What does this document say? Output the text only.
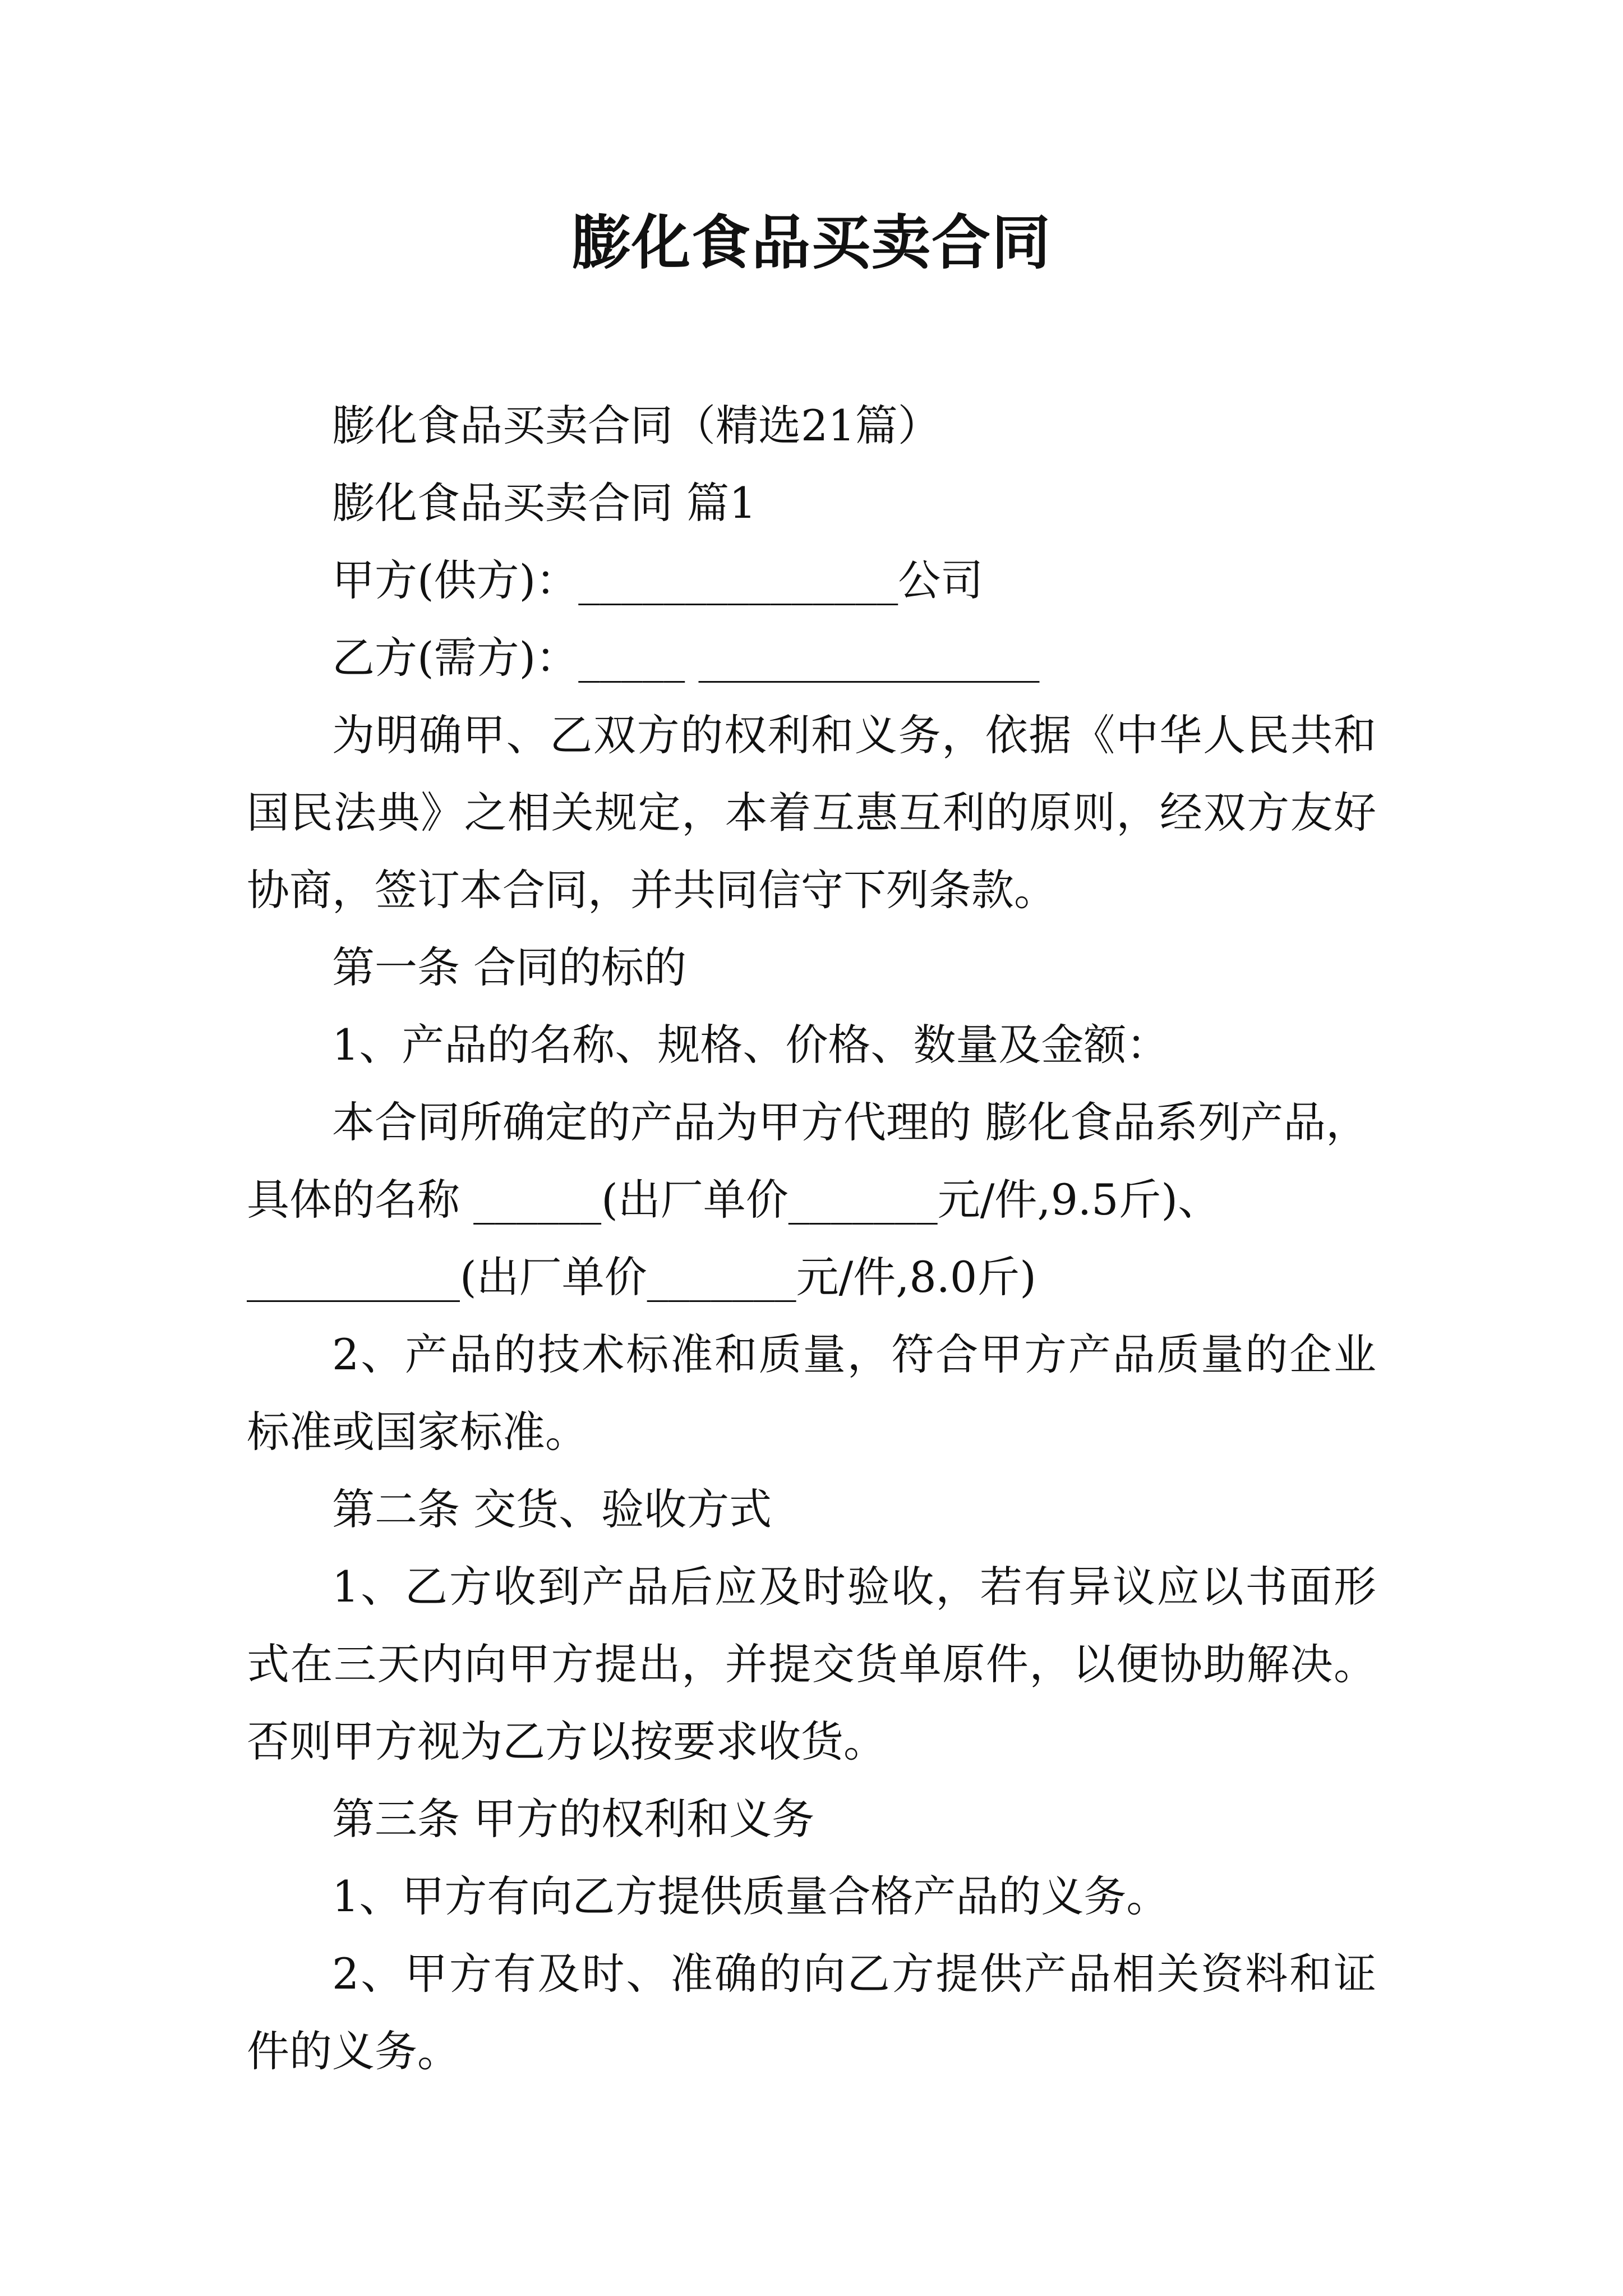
膨化食品买卖合同

膨化食品买卖合同（精选21篇）

膨化食品买卖合同 篇1

甲方(供方)：_______________公司

乙方(需方)：_____ ________________

为明确甲、乙双方的权利和义务，依据《中华人民共和国民法典》之相关规定，本着互惠互利的原则，经双方友好协商，签订本合同，并共同信守下列条款。

第一条 合同的标的

1、产品的名称、规格、价格、数量及金额：

本合同所确定的产品为甲方代理的 膨化食品系列产品，

具体的名称 ______(出厂单价_______元/件,9.5斤)、

__________(出厂单价_______元/件,8.0斤)

2、产品的技术标准和质量，符合甲方产品质量的企业标准或国家标准。

第二条 交货、验收方式

1、乙方收到产品后应及时验收，若有异议应以书面形式在三天内向甲方提出，并提交货单原件，以便协助解决。否则甲方视为乙方以按要求收货。

第三条 甲方的权利和义务

1、甲方有向乙方提供质量合格产品的义务。

2、甲方有及时、准确的向乙方提供产品相关资料和证件的义务。
